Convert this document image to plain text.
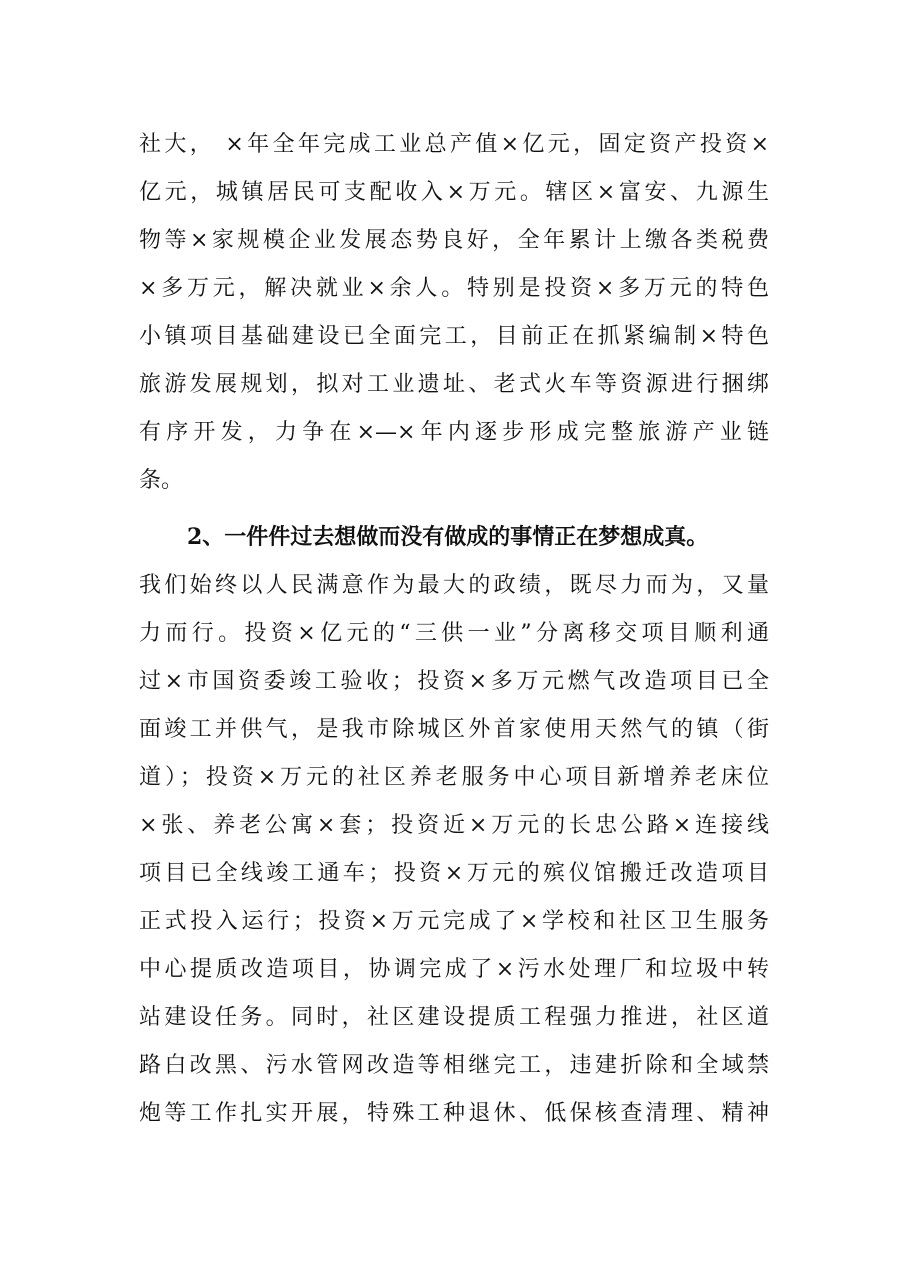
社大， ×年全年完成工业总产值×亿元，固定资产投资×
亿元，城镇居民可支配收入×万元。辖区×富安、九源生
物等×家规模企业发展态势良好，全年累计上缴各类税费
×多万元，解决就业×余人。特别是投资×多万元的特色
小镇项目基础建设已全面完工，目前正在抓紧编制×特色
旅游发展规划，拟对工业遗址、老式火车等资源进行捆绑
有序开发，力争在×—×年内逐步形成完整旅游产业链
条。
2、一件件过去想做而没有做成的事情正在梦想成真。
我们始终以人民满意作为最大的政绩，既尽力而为，又量
力而行。投资×亿元的“三供一业”分离移交项目顺利通
过×市国资委竣工验收；投资×多万元燃气改造项目已全
面竣工并供气，是我市除城区外首家使用天然气的镇（街
道）；投资×万元的社区养老服务中心项目新增养老床位
×张、养老公寓×套；投资近×万元的长忠公路×连接线
项目已全线竣工通车；投资×万元的殡仪馆搬迁改造项目
正式投入运行；投资×万元完成了×学校和社区卫生服务
中心提质改造项目，协调完成了×污水处理厂和垃圾中转
站建设任务。同时，社区建设提质工程强力推进，社区道
路白改黑、污水管网改造等相继完工，违建折除和全域禁
炮等工作扎实开展，特殊工种退休、低保核查清理、精神
